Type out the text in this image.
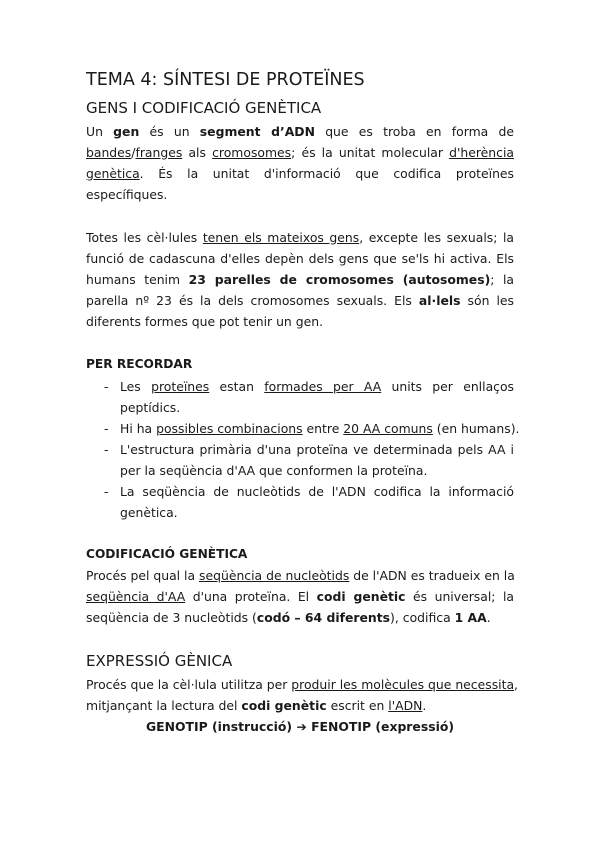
TEMA 4: SÍNTESI DE PROTEÏNES
GENS I CODIFICACIÓ GENÈTICA
Un gen és un segment d’ADN que es troba en forma de
bandes/franges als cromosomes; és la unitat molecular d'herència
genètica. És la unitat d'informació que codifica proteïnes
específiques.
Totes les cèl·lules tenen els mateixos gens, excepte les sexuals; la
funció de cadascuna d'elles depèn dels gens que se'ls hi activa. Els
humans tenim 23 parelles de cromosomes (autosomes); la
parella nº 23 és la dels cromosomes sexuals. Els al·lels són les
diferents formes que pot tenir un gen.
PER RECORDAR
- Les proteïnes estan formades per AA units per enllaços
peptídics.
- Hi ha possibles combinacions entre 20 AA comuns (en humans).
- L'estructura primària d'una proteïna ve determinada pels AA i
per la seqüència d'AA que conformen la proteïna.
- La seqüència de nucleòtids de l'ADN codifica la informació
genètica.
CODIFICACIÓ GENÈTICA
Procés pel qual la seqüència de nucleòtids de l'ADN es tradueix en la
seqüència d'AA d'una proteïna. El codi genètic és universal; la
seqüència de 3 nucleòtids (codó – 64 diferents), codifica 1 AA.
EXPRESSIÓ GÈNICA
Procés que la cèl·lula utilitza per produir les molècules que necessita,
mitjançant la lectura del codi genètic escrit en l'ADN.
GENOTIP (instrucció) ➔ FENOTIP (expressió)
